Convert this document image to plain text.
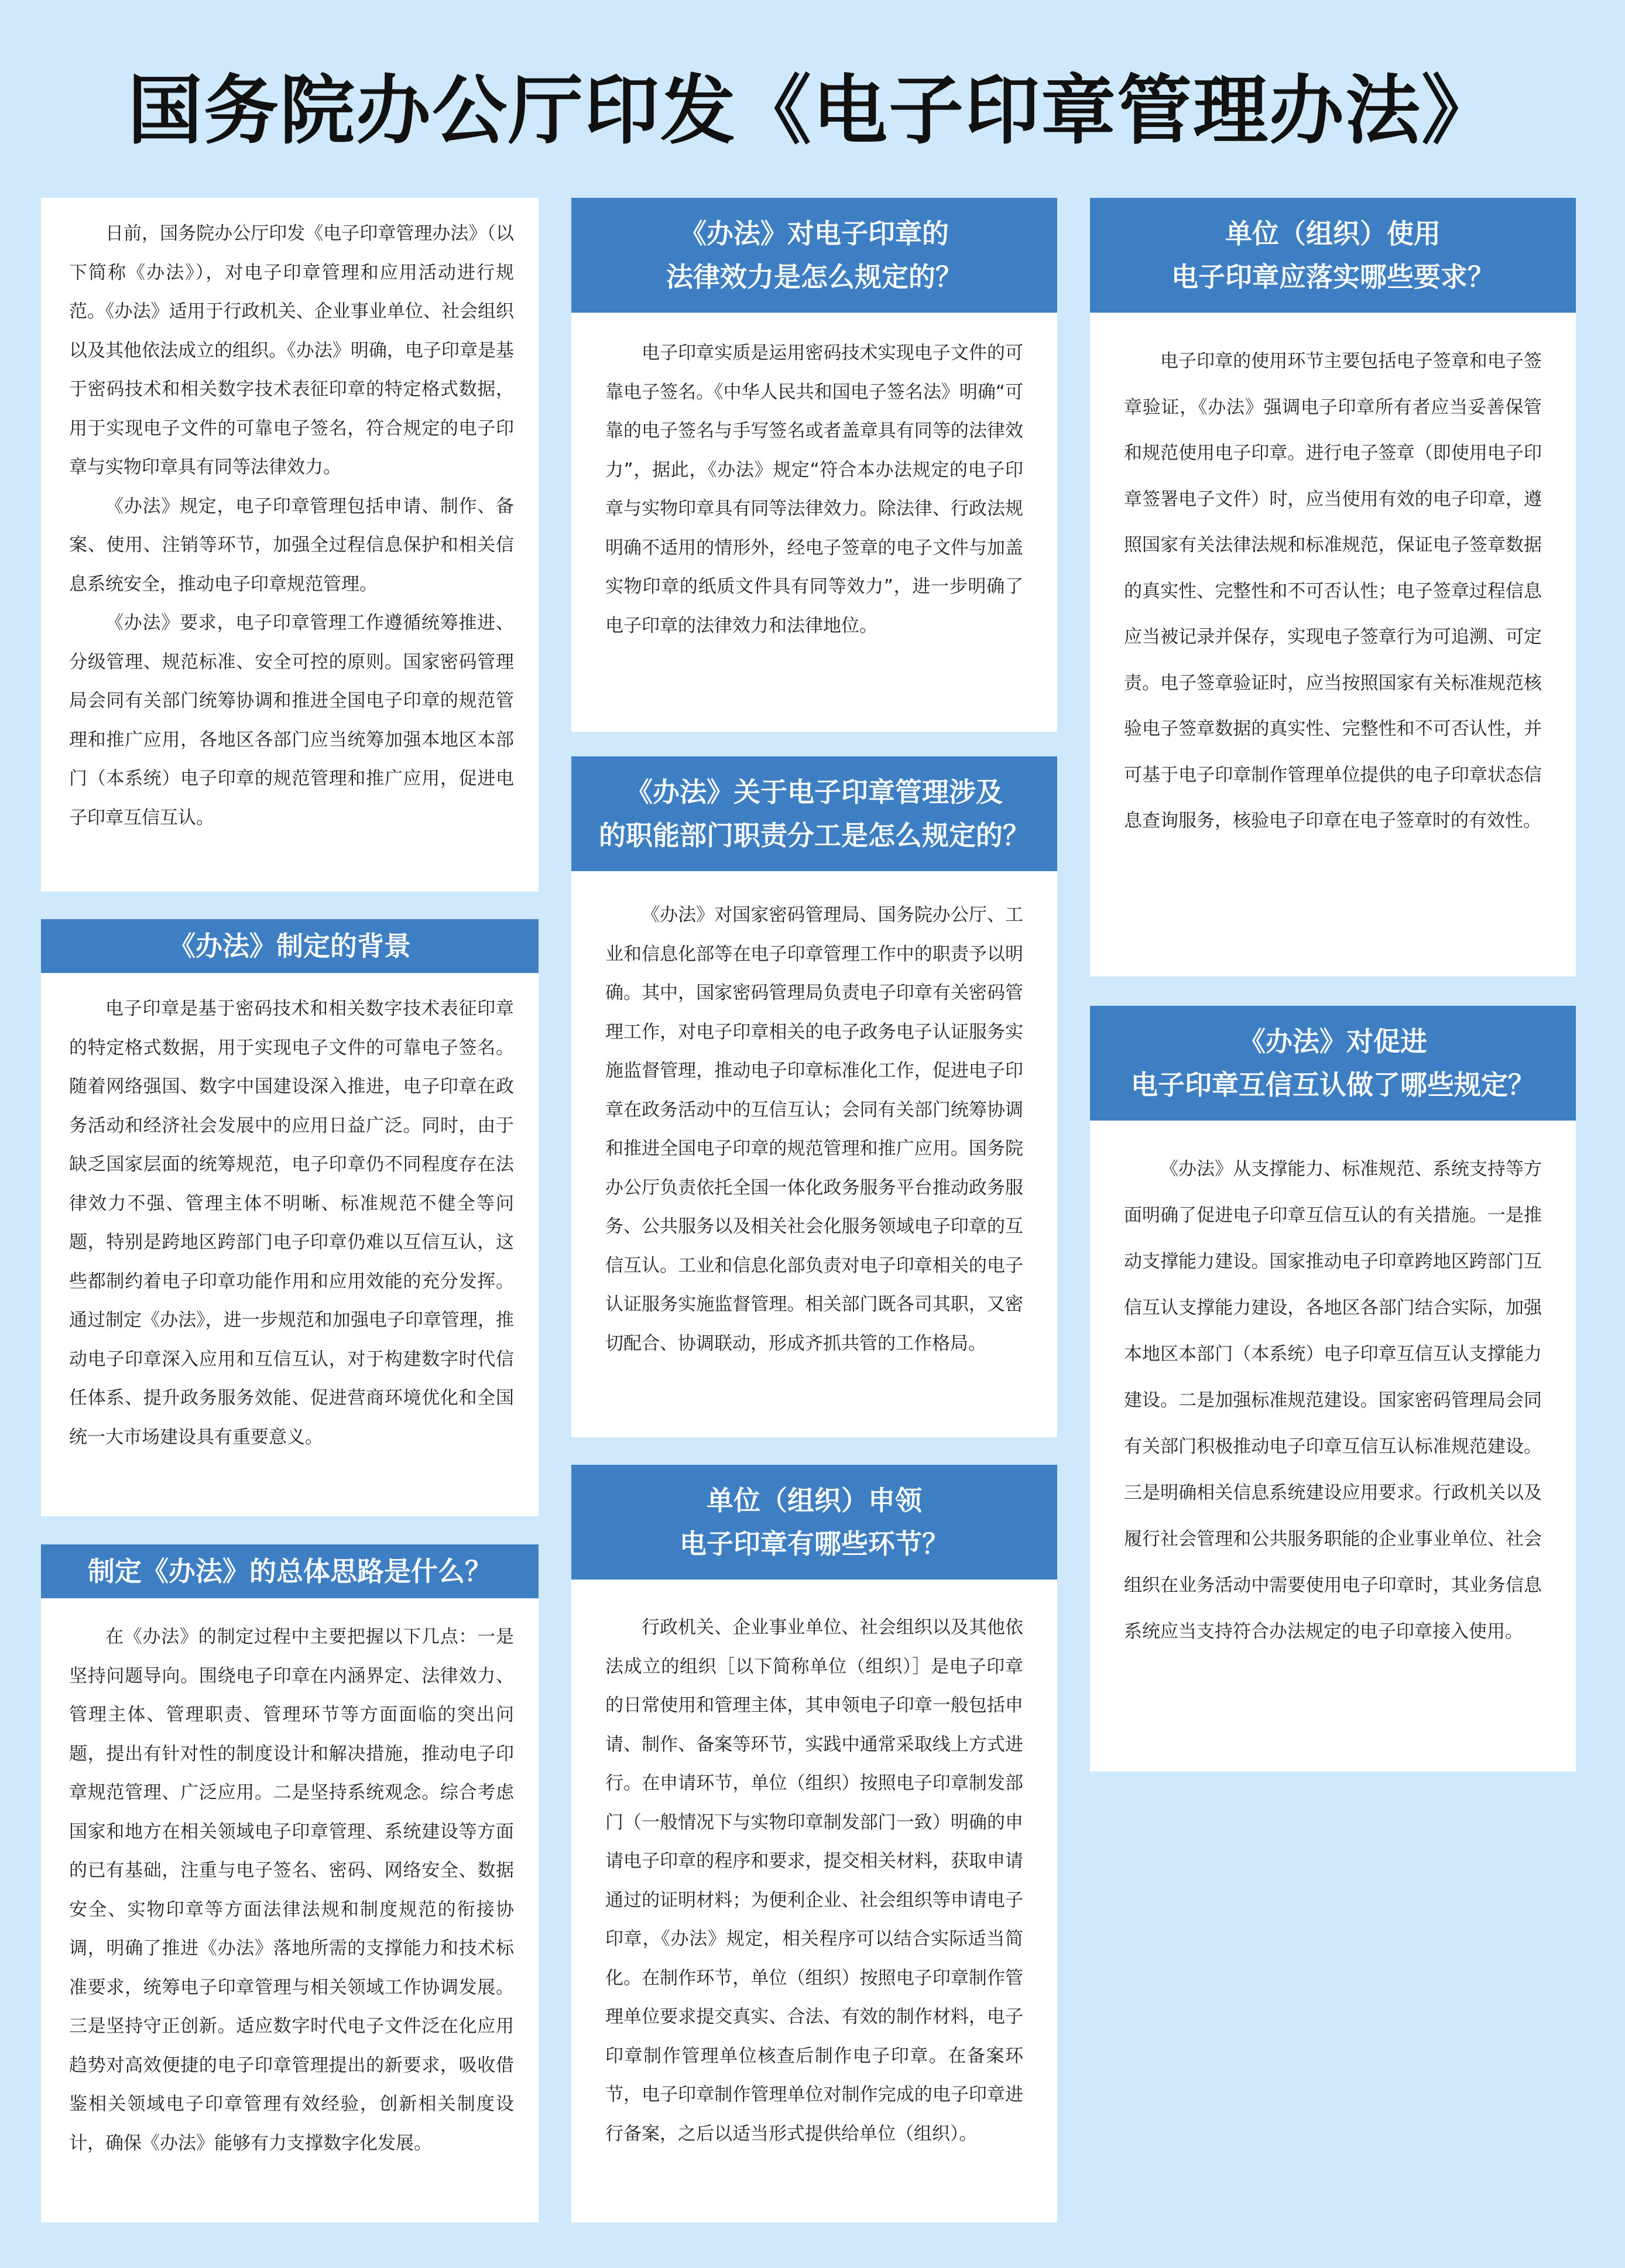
国务院办公厅印发《电子印章管理办法》

日前，国务院办公厅印发《电子印章管理办法》（以下简称《办法》），对电子印章管理和应用活动进行规范。《办法》适用于行政机关、企业事业单位、社会组织以及其他依法成立的组织。《办法》明确，电子印章是基于密码技术和相关数字技术表征印章的特定格式数据，用于实现电子文件的可靠电子签名，符合规定的电子印章与实物印章具有同等法律效力。

《办法》规定，电子印章管理包括申请、制作、备案、使用、注销等环节，加强全过程信息保护和相关信息系统安全，推动电子印章规范管理。

《办法》要求，电子印章管理工作遵循统筹推进、分级管理、规范标准、安全可控的原则。国家密码管理局会同有关部门统筹协调和推进全国电子印章的规范管理和推广应用，各地区各部门应当统筹加强本地区本部门（本系统）电子印章的规范管理和推广应用，促进电子印章互信互认。

《办法》制定的背景

电子印章是基于密码技术和相关数字技术表征印章的特定格式数据，用于实现电子文件的可靠电子签名。随着网络强国、数字中国建设深入推进，电子印章在政务活动和经济社会发展中的应用日益广泛。同时，由于缺乏国家层面的统筹规范，电子印章仍不同程度存在法律效力不强、管理主体不明晰、标准规范不健全等问题，特别是跨地区跨部门电子印章仍难以互信互认，这些都制约着电子印章功能作用和应用效能的充分发挥。通过制定《办法》，进一步规范和加强电子印章管理，推动电子印章深入应用和互信互认，对于构建数字时代信任体系、提升政务服务效能、促进营商环境优化和全国统一大市场建设具有重要意义。

制定《办法》的总体思路是什么？

在《办法》的制定过程中主要把握以下几点：一是坚持问题导向。围绕电子印章在内涵界定、法律效力、管理主体、管理职责、管理环节等方面面临的突出问题，提出有针对性的制度设计和解决措施，推动电子印章规范管理、广泛应用。二是坚持系统观念。综合考虑国家和地方在相关领域电子印章管理、系统建设等方面的已有基础，注重与电子签名、密码、网络安全、数据安全、实物印章等方面法律法规和制度规范的衔接协调，明确了推进《办法》落地所需的支撑能力和技术标准要求，统筹电子印章管理与相关领域工作协调发展。三是坚持守正创新。适应数字时代电子文件泛在化应用趋势对高效便捷的电子印章管理提出的新要求，吸收借鉴相关领域电子印章管理有效经验，创新相关制度设计，确保《办法》能够有力支撑数字化发展。

《办法》对电子印章的
法律效力是怎么规定的？

电子印章实质是运用密码技术实现电子文件的可靠电子签名。《中华人民共和国电子签名法》明确“可靠的电子签名与手写签名或者盖章具有同等的法律效力”，据此，《办法》规定“符合本办法规定的电子印章与实物印章具有同等法律效力。除法律、行政法规明确不适用的情形外，经电子签章的电子文件与加盖实物印章的纸质文件具有同等效力”，进一步明确了电子印章的法律效力和法律地位。

《办法》关于电子印章管理涉及
的职能部门职责分工是怎么规定的？

《办法》对国家密码管理局、国务院办公厅、工业和信息化部等在电子印章管理工作中的职责予以明确。其中，国家密码管理局负责电子印章有关密码管理工作，对电子印章相关的电子政务电子认证服务实施监督管理，推动电子印章标准化工作，促进电子印章在政务活动中的互信互认；会同有关部门统筹协调和推进全国电子印章的规范管理和推广应用。国务院办公厅负责依托全国一体化政务服务平台推动政务服务、公共服务以及相关社会化服务领域电子印章的互信互认。工业和信息化部负责对电子印章相关的电子认证服务实施监督管理。相关部门既各司其职，又密切配合、协调联动，形成齐抓共管的工作格局。

单位（组织）申领
电子印章有哪些环节？

行政机关、企业事业单位、社会组织以及其他依法成立的组织［以下简称单位（组织）］是电子印章的日常使用和管理主体，其申领电子印章一般包括申请、制作、备案等环节，实践中通常采取线上方式进行。在申请环节，单位（组织）按照电子印章制发部门（一般情况下与实物印章制发部门一致）明确的申请电子印章的程序和要求，提交相关材料，获取申请通过的证明材料；为便利企业、社会组织等申请电子印章，《办法》规定，相关程序可以结合实际适当简化。在制作环节，单位（组织）按照电子印章制作管理单位要求提交真实、合法、有效的制作材料，电子印章制作管理单位核查后制作电子印章。在备案环节，电子印章制作管理单位对制作完成的电子印章进行备案，之后以适当形式提供给单位（组织）。

单位（组织）使用
电子印章应落实哪些要求？

电子印章的使用环节主要包括电子签章和电子签章验证，《办法》强调电子印章所有者应当妥善保管和规范使用电子印章。进行电子签章（即使用电子印章签署电子文件）时，应当使用有效的电子印章，遵照国家有关法律法规和标准规范，保证电子签章数据的真实性、完整性和不可否认性；电子签章过程信息应当被记录并保存，实现电子签章行为可追溯、可定责。电子签章验证时，应当按照国家有关标准规范核验电子签章数据的真实性、完整性和不可否认性，并可基于电子印章制作管理单位提供的电子印章状态信息查询服务，核验电子印章在电子签章时的有效性。

《办法》对促进
电子印章互信互认做了哪些规定？

《办法》从支撑能力、标准规范、系统支持等方面明确了促进电子印章互信互认的有关措施。一是推动支撑能力建设。国家推动电子印章跨地区跨部门互信互认支撑能力建设，各地区各部门结合实际，加强本地区本部门（本系统）电子印章互信互认支撑能力建设。二是加强标准规范建设。国家密码管理局会同有关部门积极推动电子印章互信互认标准规范建设。三是明确相关信息系统建设应用要求。行政机关以及履行社会管理和公共服务职能的企业事业单位、社会组织在业务活动中需要使用电子印章时，其业务信息系统应当支持符合办法规定的电子印章接入使用。
